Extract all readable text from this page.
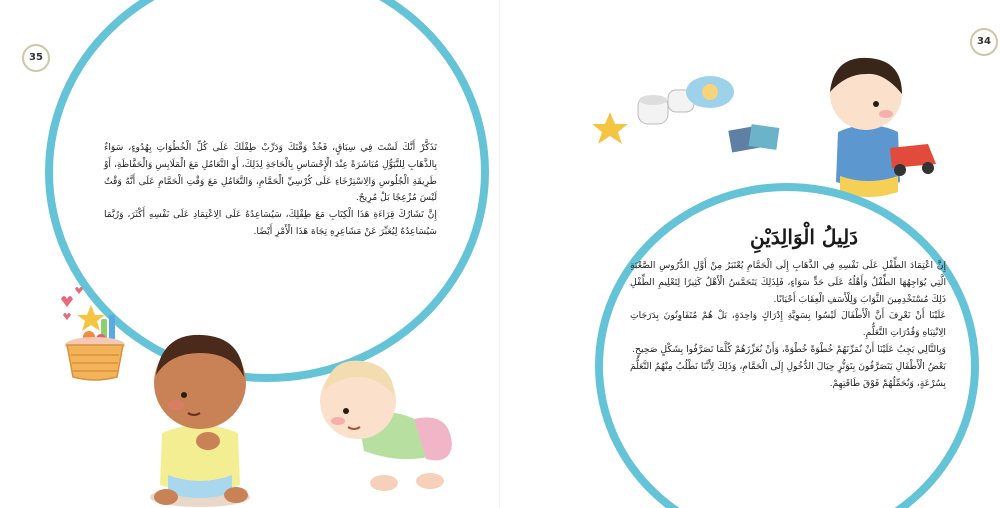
35

تَذَكَّرْ أَنَّكَ لَسْتَ فِي سِبَاقٍ، فَخُذْ وَقْتَكَ وَدَرِّبْ طِفْلَكَ عَلَى كُلِّ الْخُطُوَاتِ بِهُدُوءٍ، سَوَاءٌ بِالذَّهَابِ لِلتَّبَوُّلِ مُبَاشَرَةً عِنْدَ الْإِحْسَاسِ بِالْحَاجَةِ لِذَلِكَ، أَوِ التَّعَامُلِ مَعَ الْمَلَابِسِ وَالْحَفَّاظَةِ، أَوْ طَرِيقَةِ الْجُلُوسِ وَالِاسْتِرْخَاءِ عَلَى كُرْسِيِّ الْحَمَّامِ، وَالتَّعَامُلِ مَعَ وَقْتِ الْحَمَّامِ عَلَى أَنَّهُ وَقْتٌ لَيْسَ مُزْعِجًا بَلْ مُرِيحٌ.

إِنَّ تَشَارُكَ قِرَاءَةِ هَذَا الْكِتَابِ مَعَ طِفْلِكَ، سَيُسَاعِدُهُ عَلَى الِاعْتِمَادِ عَلَى نَفْسِهِ أَكْثَرَ، وَرُبَّمَا سَيُسَاعِدُهُ لِيُعَبِّرَ عَنْ مَشَاعِرِهِ تِجَاهَ هَذَا الْأَمْرِ أَيْضًا.

34
دَلِيلُ الْوَالِدَيْنِ

إِنَّ اعْتِمَادَ الطِّفْلِ عَلَى نَفْسِهِ فِي الذَّهَابِ إِلَى الْحَمَّامِ يُعْتَبَرُ مِنْ أَوَّلِ الدُّرُوسِ الصَّعْبَةِ الَّتِي يُوَاجِهُهَا الطِّفْلُ وَأَهْلُهُ عَلَى حَدٍّ سَوَاءٍ، فَلِذَلِكَ يَتَحَمَّسُ الْأَهْلُ كَثِيرًا لِتَعْلِيمِ الطِّفْلِ ذَلِكَ مُسْتَخْدِمِينَ الثَّوَابَ وَلِلْأَسَفِ الْعِقَابَ أَحْيَانًا.

عَلَيْنَا أَنْ نَعْرِفَ أَنَّ الْأَطْفَالَ لَيْسُوا بِسَوِيَّةِ إِدْرَاكٍ وَاحِدَةٍ، بَلْ هُمْ مُتَفَاوِتُونَ بِدَرَجَاتِ الِانْتِبَاهِ وَقُدُرَاتِ التَّعَلُّمِ.

وَبِالتَّالِي يَجِبُ عَلَيْنَا أَنْ نُمَرِّنَهُمْ خُطْوَةً خُطْوَةً، وَأَنْ نُعَزِّزَهُمْ كُلَّمَا تَصَرَّفُوا بِشَكْلٍ صَحِيحٍ.

بَعْضُ الْأَطْفَالِ يَتَصَرَّفُونَ بِتَوَتُّرٍ حِيَالَ الدُّخُولِ إِلَى الْحَمَّامِ، وَذَلِكَ لِأَنَّنَا نَطْلُبُ مِنْهُمُ التَّعَلُّمَ بِسُرْعَةٍ، وَنُحَمِّلُهُمْ فَوْقَ طَاقَتِهِمْ.
